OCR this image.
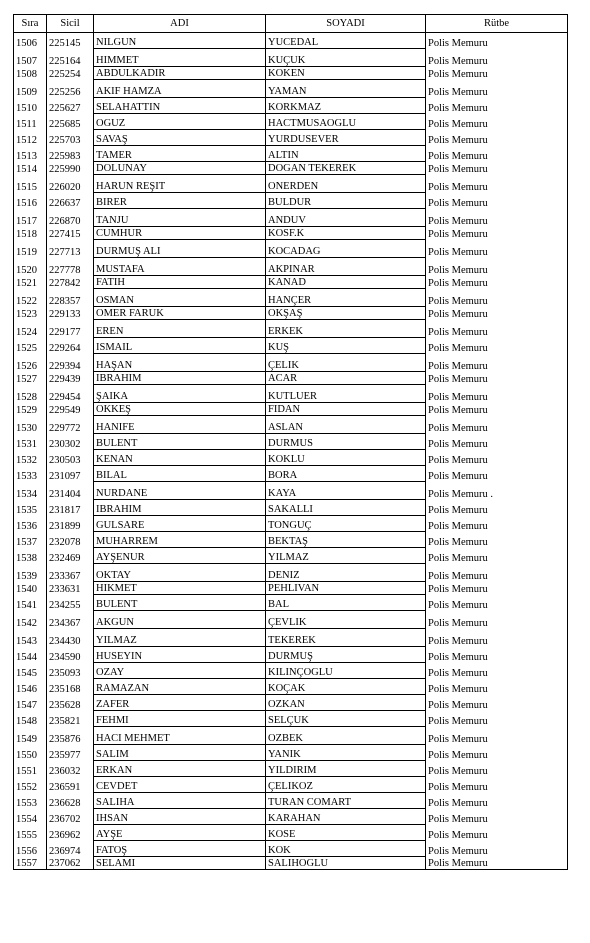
Sıra	Sicil	ADI	SOYADI	Rütbe
1506	225145	NILGUN	YUCEDAL	Polis Memuru
1507	225164	HIMMET	KUÇUK	Polis Memuru
1508	225254	ABDULKADIR	KOKEN	Polis Memuru
1509	225256	AKIF HAMZA	YAMAN	Polis Memuru
1510	225627	SELAHATTIN	KORKMAZ	Polis Memuru
1511	225685	OGUZ	HACTMUSAOGLU	Polis Memuru
1512	225703	SAVAŞ	YURDUSEVER	Polis Memuru
1513	225983	TAMER	ALTIN	Polis Memuru
1514	225990	DOLUNAY	DOGAN TEKEREK	Polis Memuru
1515	226020	HARUN REŞIT	ONERDEN	Polis Memuru
1516	226637	BIRER	BULDUR	Polis Memuru
1517	226870	TANJU	ANDUV	Polis Memuru
1518	227415	CUMHUR	KOSF.K	Polis Memuru
1519	227713	DURMUŞ ALI	KOCADAG	Polis Memuru
1520	227778	MUSTAFA	AKPINAR	Polis Memuru
1521	227842	FATIH	KANAD	Polis Memuru
1522	228357	OSMAN	HANÇER	Polis Memuru
1523	229133	OMER FARUK	OKŞAŞ	Polis Memuru
1524	229177	EREN	ERKEK	Polis Memuru
1525	229264	ISMAIL	KUŞ	Polis Memuru
1526	229394	HAŞAN	ÇELIK	Polis Memuru
1527	229439	IBRAHIM	ACAR	Polis Memuru
1528	229454	ŞAIKA	KUTLUER	Polis Memuru
1529	229549	OKKEŞ	FIDAN	Polis Memuru
1530	229772	HANIFE	ASLAN	Polis Memuru
1531	230302	BULENT	DURMUS	Polis Memuru
1532	230503	KENAN	KOKLU	Polis Memuru
1533	231097	BILAL	BORA	Polis Memuru
1534	231404	NURDANE	KAYA	Polis Memuru .
1535	231817	IBRAHIM	SAKALLI	Polis Memuru
1536	231899	GULSARE	TONGUÇ	Polis Memuru
1537	232078	MUHARREM	BEKTAŞ	Polis Memuru
1538	232469	AYŞENUR	YILMAZ	Polis Memuru
1539	233367	OKTAY	DENIZ	Polis Memuru
1540	233631	HIKMET	PEHLIVAN	Polis Memuru
1541	234255	BULENT	BAL	Polis Memuru
1542	234367	AKGUN	ÇEVLIK	Polis Memuru
1543	234430	YILMAZ	TEKEREK	Polis Memuru
1544	234590	HUSEYIN	DURMUŞ	Polis Memuru
1545	235093	OZAY	KILINÇOGLU	Polis Memuru
1546	235168	RAMAZAN	KOÇAK	Polis Memuru
1547	235628	ZAFER	OZKAN	Polis Memuru
1548	235821	FEHMI	SELÇUK	Polis Memuru
1549	235876	HACI MEHMET	OZBEK	Polis Memuru
1550	235977	SALIM	YANIK	Polis Memuru
1551	236032	ERKAN	YILDIRIM	Polis Memuru
1552	236591	CEVDET	ÇELIKOZ	Polis Memuru
1553	236628	SALIHA	TURAN COMART	Polis Memuru
1554	236702	IHSAN	KARAHAN	Polis Memuru
1555	236962	AYŞE	KOSE	Polis Memuru
1556	236974	FATOŞ	KOK	Polis Memuru
1557	237062	SELAMI	SALIHOGLU	Polis Memuru
